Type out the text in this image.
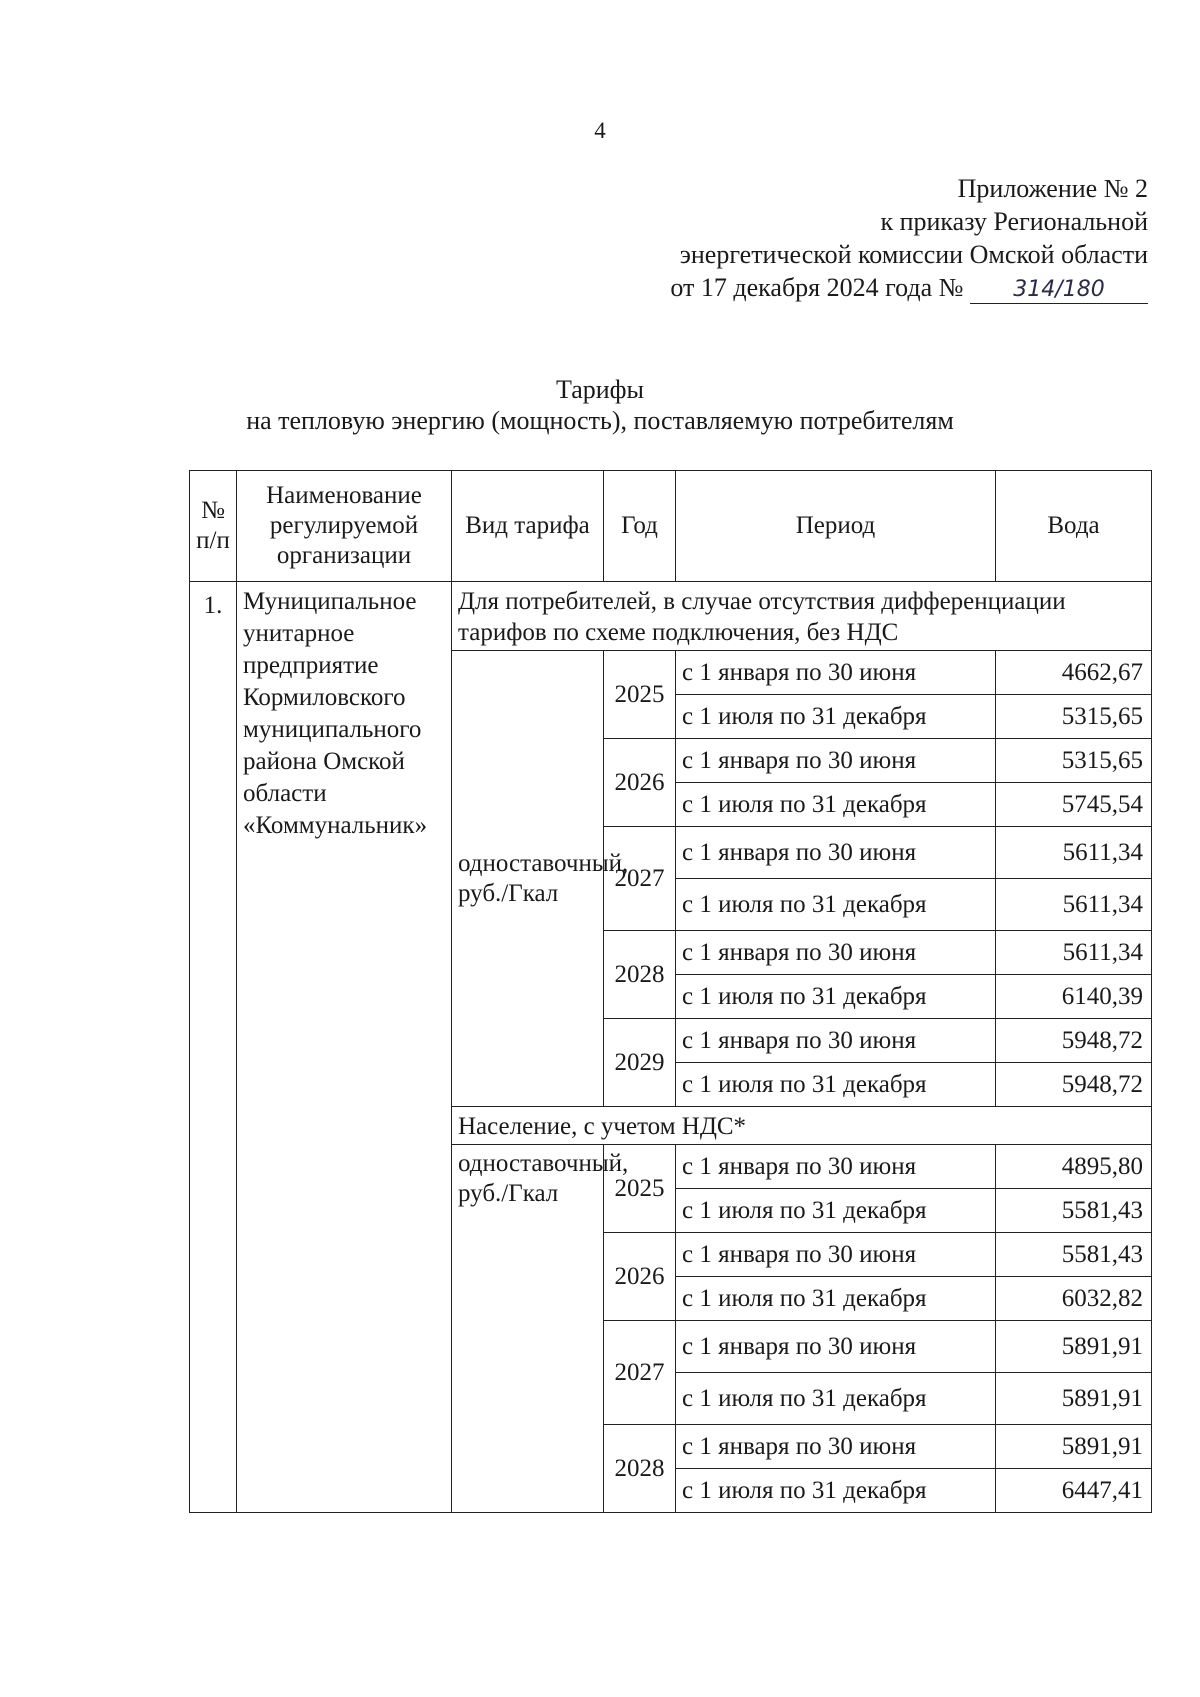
4
Приложение № 2
к приказу Региональной
энергетической комиссии Омской области
от 17 декабря 2024 года № 314/180
Тарифы
на тепловую энергию (мощность), поставляемую потребителям
№ п/п	Наименование регулируемой организации	Вид тарифа	Год	Период	Вода
1.	Муниципальное унитарное предприятие Кормиловского муниципального района Омской области «Коммунальник»	Для потребителей, в случае отсутствия дифференциации тарифов по схеме подключения, без НДС			
		одноставочный, руб./Гкал	2025	с 1 января по 30 июня	4662,67
				с 1 июля по 31 декабря	5315,65
			2026	с 1 января по 30 июня	5315,65
				с 1 июля по 31 декабря	5745,54
			2027	с 1 января по 30 июня	5611,34
				с 1 июля по 31 декабря	5611,34
			2028	с 1 января по 30 июня	5611,34
				с 1 июля по 31 декабря	6140,39
			2029	с 1 января по 30 июня	5948,72
				с 1 июля по 31 декабря	5948,72
		Население, с учетом НДС*			
		одноставочный, руб./Гкал	2025	с 1 января по 30 июня	4895,80
				с 1 июля по 31 декабря	5581,43
			2026	с 1 января по 30 июня	5581,43
				с 1 июля по 31 декабря	6032,82
			2027	с 1 января по 30 июня	5891,91
				с 1 июля по 31 декабря	5891,91
			2028	с 1 января по 30 июня	5891,91
				с 1 июля по 31 декабря	6447,41
